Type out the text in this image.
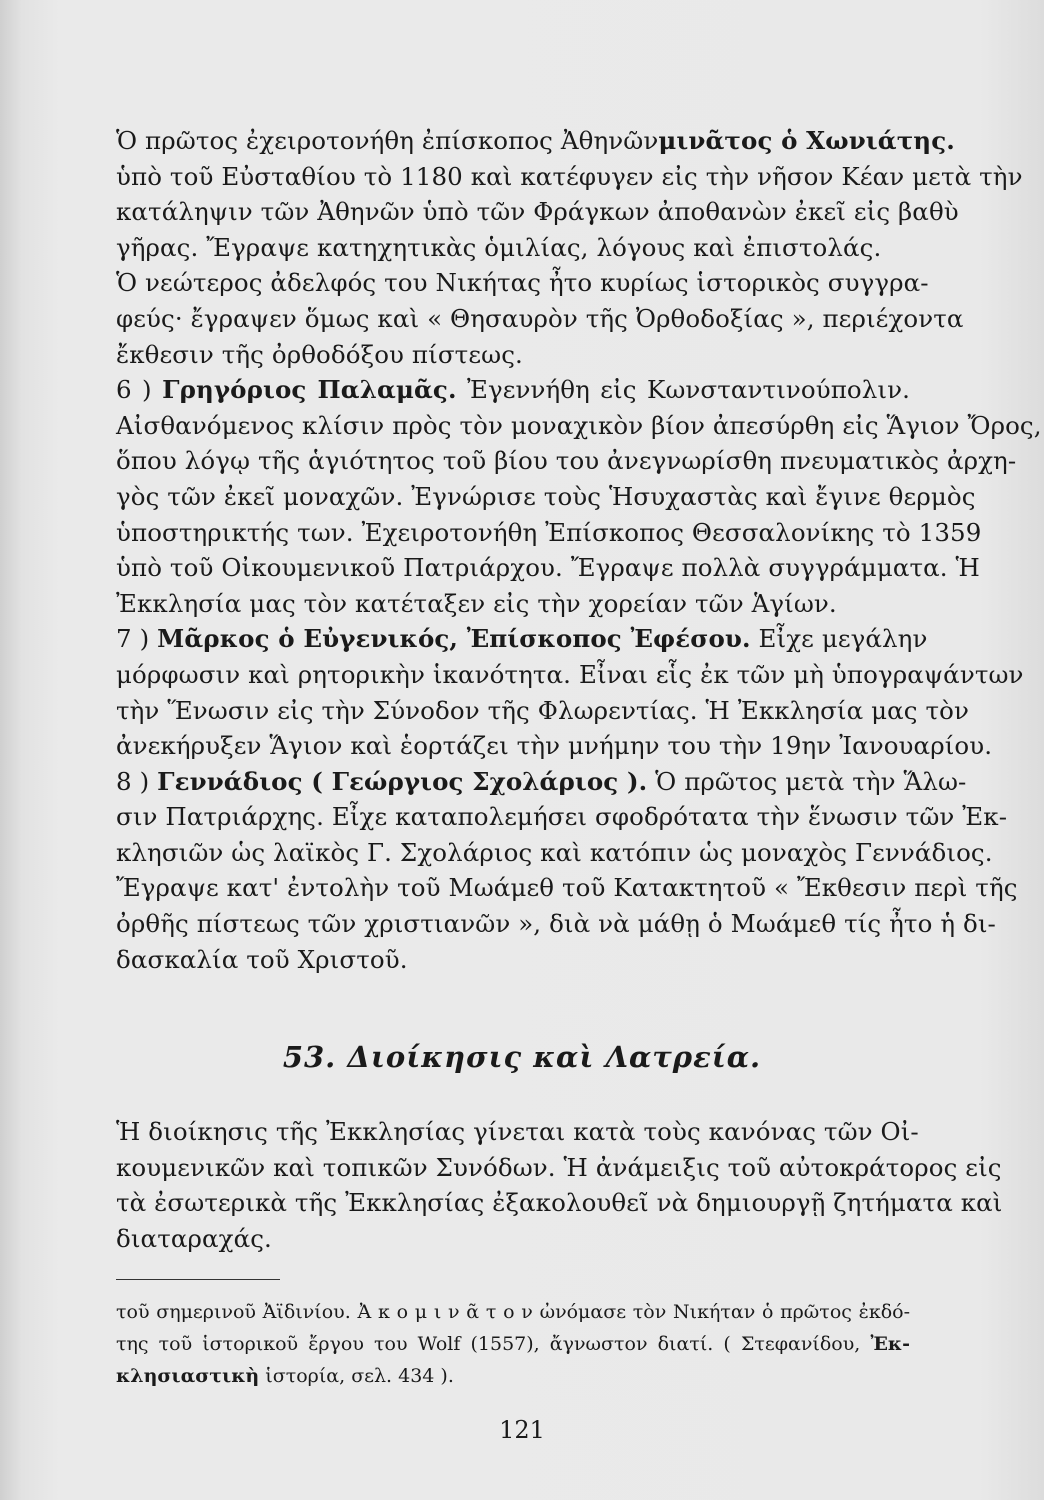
Ὁ πρῶτος ἐχειροτονήθη ἐπίσκοπος Ἀθηνῶνμινᾶτος ὁ Χωνιάτης.
ὑπὸ τοῦ Εὐσταθίου τὸ 1180 καὶ κατέφυγεν εἰς τὴν νῆσον Κέαν μετὰ τὴν
κατάληψιν τῶν Ἀθηνῶν ὑπὸ τῶν Φράγκων ἀποθανὼν ἐκεῖ εἰς βαθὺ
γῆρας. Ἔγραψε κατηχητικὰς ὁμιλίας, λόγους καὶ ἐπιστολάς.
Ὁ νεώτερος ἀδελφός του Νικήτας ἦτο κυρίως ἱστορικὸς συγγρα-
φεύς· ἔγραψεν ὅμως καὶ « Θησαυρὸν τῆς Ὀρθοδοξίας », περιέχοντα
ἔκθεσιν τῆς ὀρθοδόξου πίστεως.
6 ) Γρηγόριος Παλαμᾶς. Ἐγεννήθη εἰς Κωνσταντινούπολιν.
Αἰσθανόμενος κλίσιν πρὸς τὸν μοναχικὸν βίον ἀπεσύρθη εἰς Ἅγιον Ὄρος,
ὅπου λόγῳ τῆς ἁγιότητος τοῦ βίου του ἀνεγνωρίσθη πνευματικὸς ἀρχη-
γὸς τῶν ἐκεῖ μοναχῶν. Ἐγνώρισε τοὺς Ἡσυχαστὰς καὶ ἔγινε θερμὸς
ὑποστηρικτής των. Ἐχειροτονήθη Ἐπίσκοπος Θεσσαλονίκης τὸ 1359
ὑπὸ τοῦ Οἰκουμενικοῦ Πατριάρχου. Ἔγραψε πολλὰ συγγράμματα. Ἡ
Ἐκκλησία μας τὸν κατέταξεν εἰς τὴν χορείαν τῶν Ἁγίων.
7 ) Μᾶρκος ὁ Εὐγενικός, Ἐπίσκοπος Ἐφέσου. Εἶχε μεγάλην
μόρφωσιν καὶ ρητορικὴν ἱκανότητα. Εἶναι εἷς ἐκ τῶν μὴ ὑπογραψάντων
τὴν Ἕνωσιν εἰς τὴν Σύνοδον τῆς Φλωρεντίας. Ἡ Ἐκκλησία μας τὸν
ἀνεκήρυξεν Ἅγιον καὶ ἑορτάζει τὴν μνήμην του τὴν 19ην Ἰανουαρίου.
8 ) Γεννάδιος ( Γεώργιος Σχολάριος ). Ὁ πρῶτος μετὰ τὴν Ἅλω-
σιν Πατριάρχης. Εἶχε καταπολεμήσει σφοδρότατα τὴν ἕνωσιν τῶν Ἐκ-
κλησιῶν ὡς λαϊκὸς Γ. Σχολάριος καὶ κατόπιν ὡς μοναχὸς Γεννάδιος.
Ἔγραψε κατ' ἐντολὴν τοῦ Μωάμεθ τοῦ Κατακτητοῦ « Ἔκθεσιν περὶ τῆς
ὀρθῆς πίστεως τῶν χριστιανῶν », διὰ νὰ μάθῃ ὁ Μωάμεθ τίς ἦτο ἡ δι-
δασκαλία τοῦ Χριστοῦ.
53. Διοίκησις καὶ Λατρεία.
Ἡ διοίκησις τῆς Ἐκκλησίας γίνεται κατὰ τοὺς κανόνας τῶν Οἰ-
κουμενικῶν καὶ τοπικῶν Συνόδων. Ἡ ἀνάμειξις τοῦ αὐτοκράτορος εἰς
τὰ ἐσωτερικὰ τῆς Ἐκκλησίας ἐξακολουθεῖ νὰ δημιουργῇ ζητήματα καὶ
διαταραχάς.
τοῦ σημερινοῦ Ἀϊδινίου. Ἀ κ ο μ ι ν ᾶ τ ο ν ὠνόμασε τὸν Νικήταν ὁ πρῶτος ἐκδό-
της τοῦ ἱστορικοῦ ἔργου του Wolf (1557), ἄγνωστον διατί. ( Στεφανίδου, Ἐκ-
κλησιαστικὴ ἱστορία, σελ. 434 ).
121
